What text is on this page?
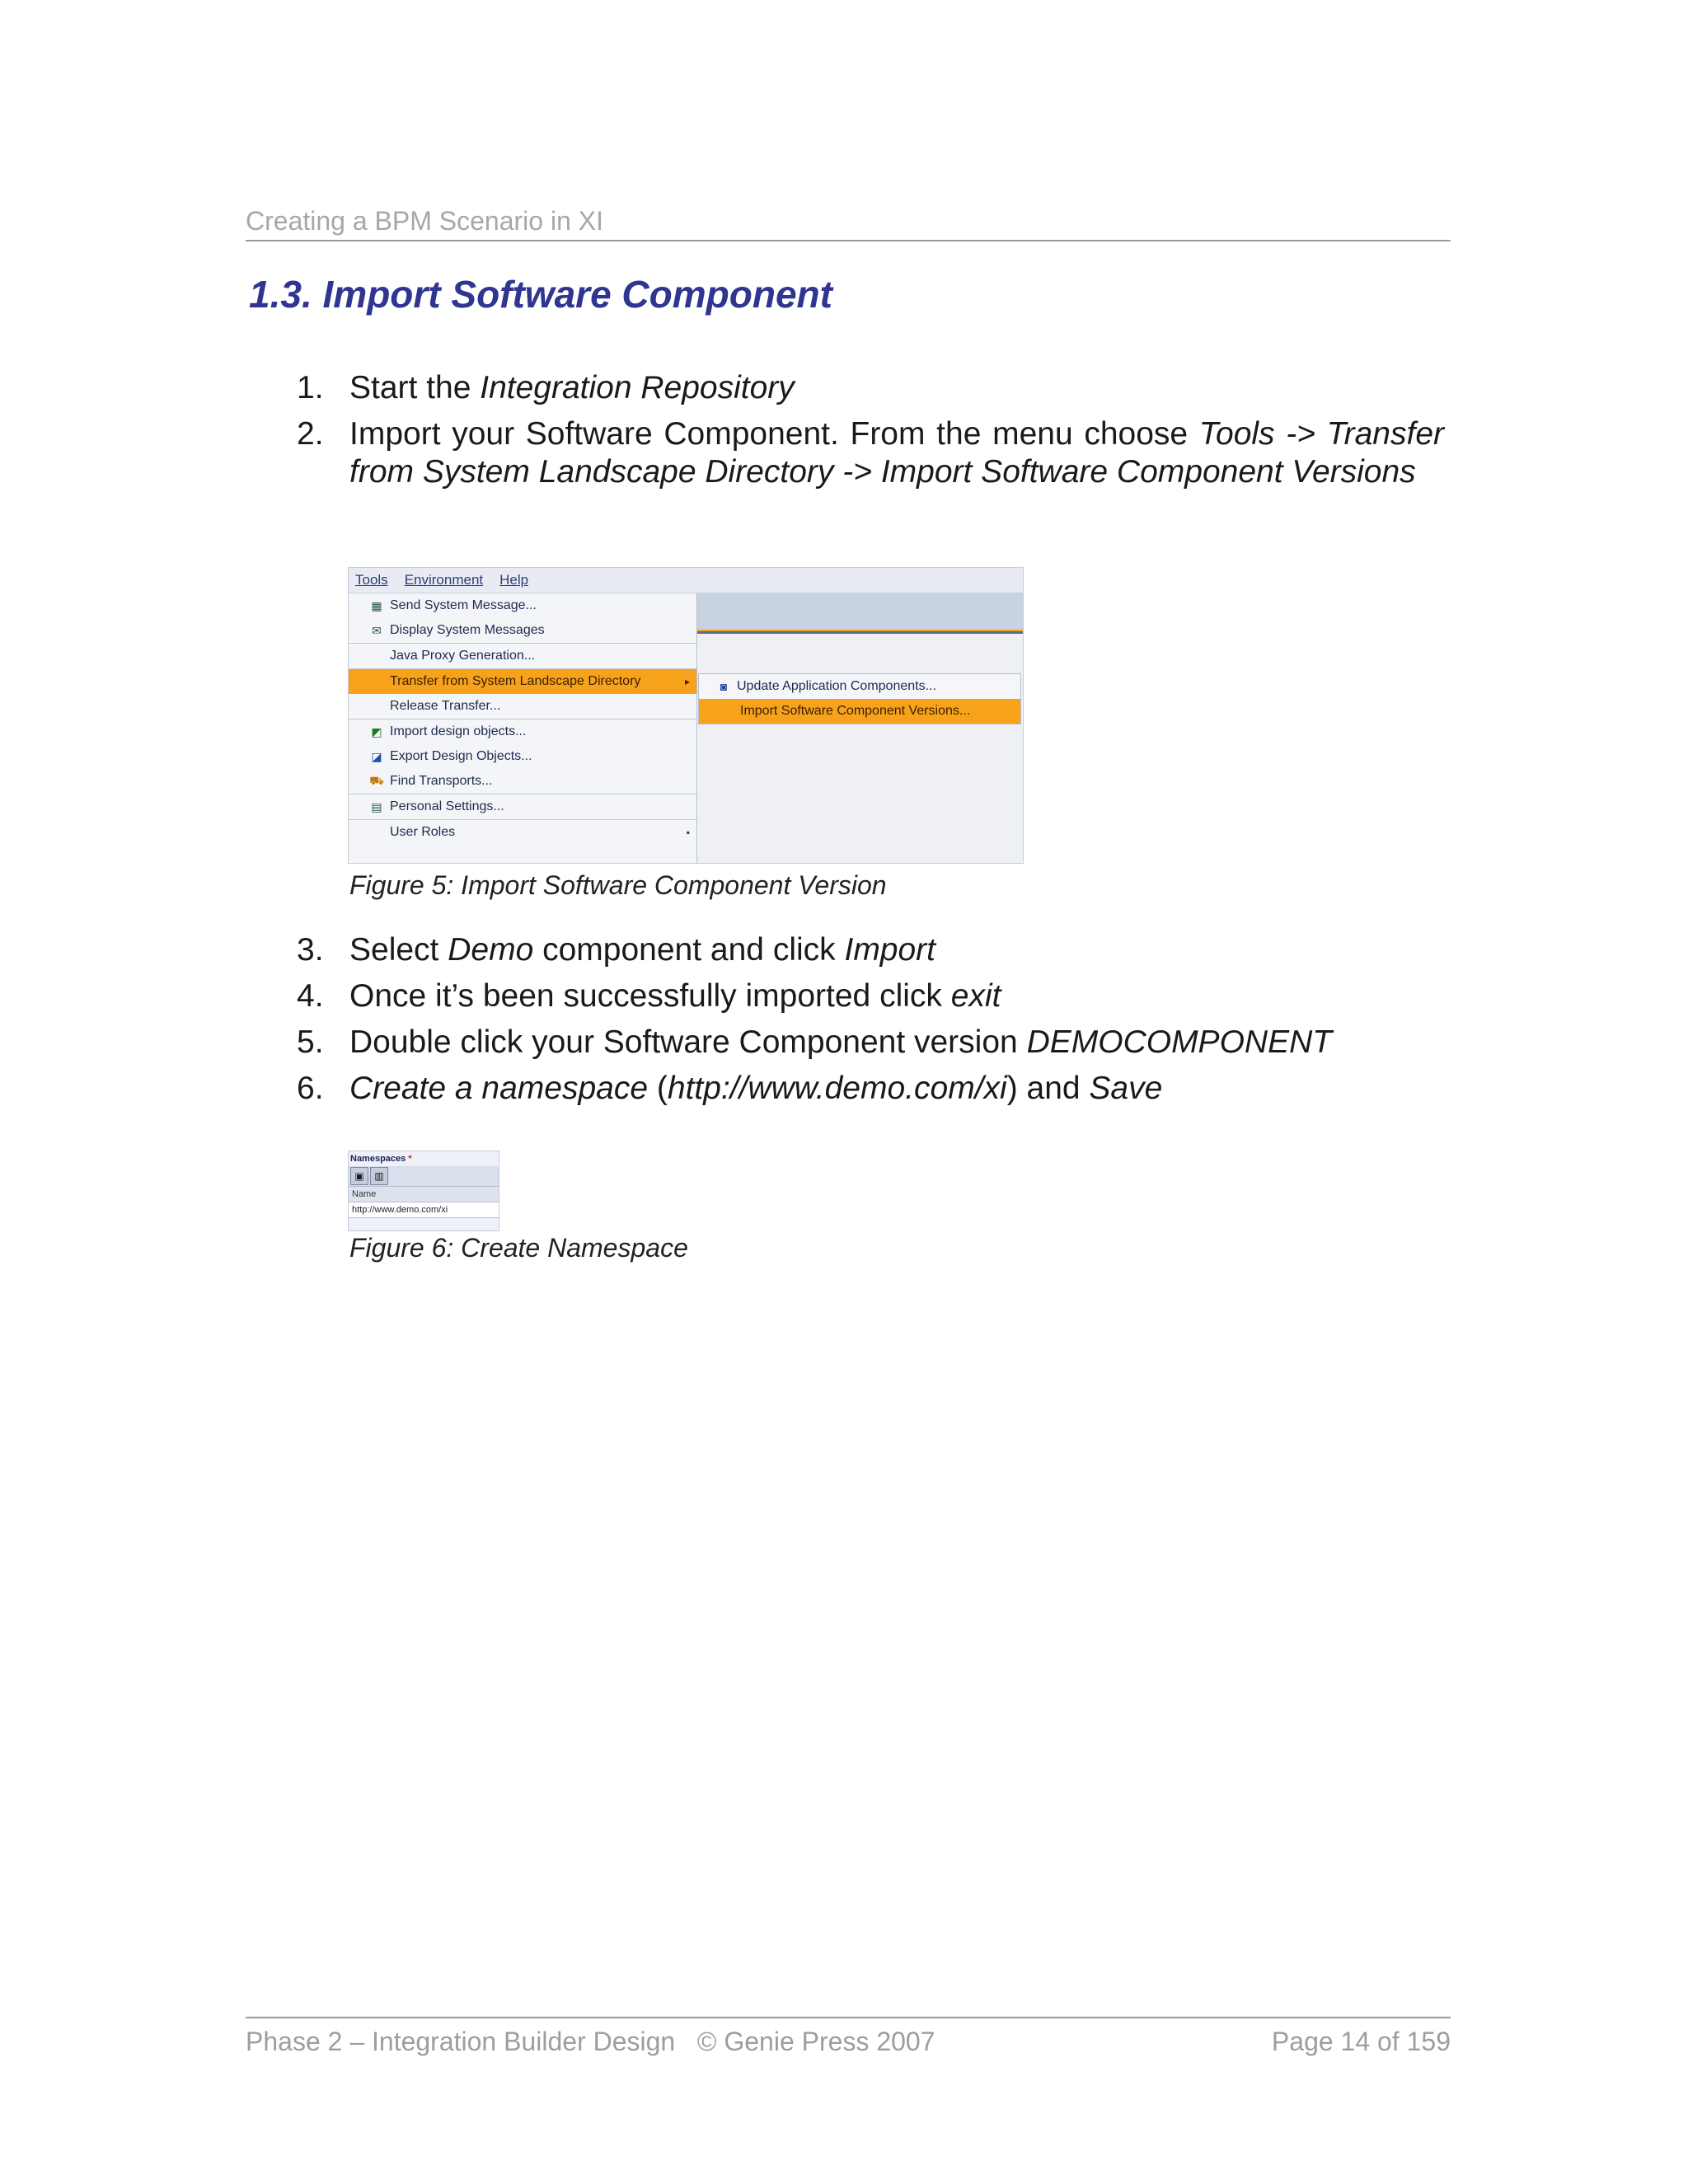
Creating a BPM Scenario in XI
1.3. Import Software Component
1. Start the Integration Repository
2. Import your Software Component. From the menu choose Tools -> Transfer from System Landscape Directory -> Import Software Component Versions
Tools Environment Help
▦ Send System Message...
✉ Display System Messages
Java Proxy Generation...
Transfer from System Landscape Directory	▸
Release Transfer...
◩ Import design objects...
◪ Export Design Objects...
⛟ Find Transports...
▤ Personal Settings...
User Roles	▪
◙ Update Application Components...
Import Software Component Versions...
Figure 5: Import Software Component Version
3. Select Demo component and click Import
4. Once it’s been successfully imported click exit
5. Double click your Software Component version DEMOCOMPONENT
6. Create a namespace (http://www.demo.com/xi) and Save
Namespaces *
▣	▥
Name
http://www.demo.com/xi
Figure 6: Create Namespace
Phase 2 – Integration Builder Design   © Genie Press 2007	Page 14 of 159
